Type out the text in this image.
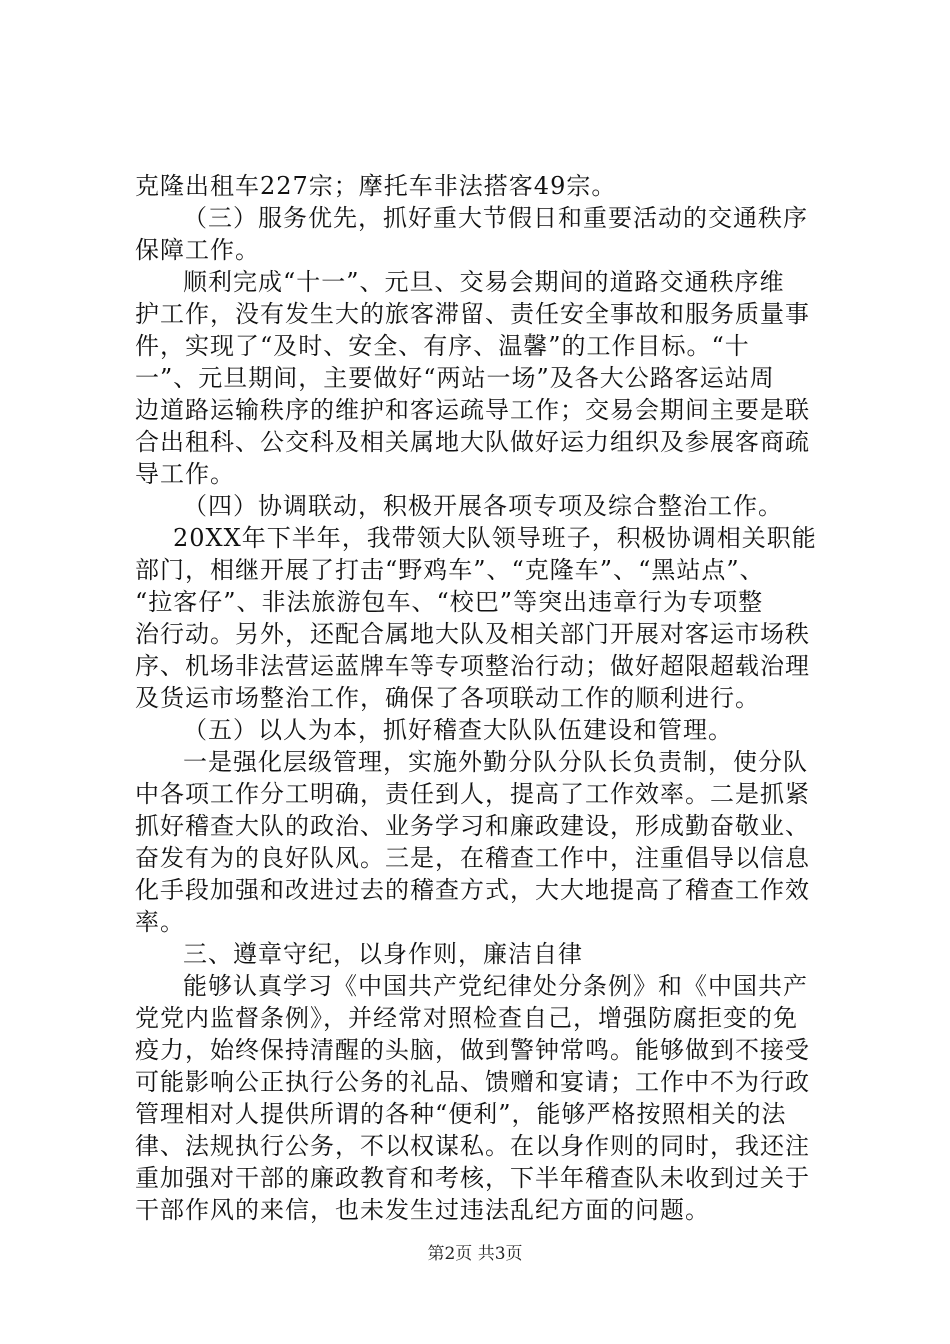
克隆出租车227宗；摩托车非法搭客49宗。
（三）服务优先，抓好重大节假日和重要活动的交通秩序
保障工作。
顺利完成“十一”、元旦、交易会期间的道路交通秩序维
护工作，没有发生大的旅客滞留、责任安全事故和服务质量事
件，实现了“及时、安全、有序、温馨”的工作目标。“十
一”、元旦期间，主要做好“两站一场”及各大公路客运站周
边道路运输秩序的维护和客运疏导工作；交易会期间主要是联
合出租科、公交科及相关属地大队做好运力组织及参展客商疏
导工作。
（四）协调联动，积极开展各项专项及综合整治工作。
20XX年下半年，我带领大队领导班子，积极协调相关职能
部门，相继开展了打击“野鸡车”、“克隆车”、“黑站点”、
“拉客仔”、非法旅游包车、“校巴”等突出违章行为专项整
治行动。另外，还配合属地大队及相关部门开展对客运市场秩
序、机场非法营运蓝牌车等专项整治行动；做好超限超载治理
及货运市场整治工作，确保了各项联动工作的顺利进行。
（五）以人为本，抓好稽查大队队伍建设和管理。
一是强化层级管理，实施外勤分队分队长负责制，使分队
中各项工作分工明确，责任到人，提高了工作效率。二是抓紧
抓好稽查大队的政治、业务学习和廉政建设，形成勤奋敬业、
奋发有为的良好队风。三是，在稽查工作中，注重倡导以信息
化手段加强和改进过去的稽查方式，大大地提高了稽查工作效
率。
三、遵章守纪，以身作则，廉洁自律
能够认真学习《中国共产党纪律处分条例》和《中国共产
党党内监督条例》，并经常对照检查自己，增强防腐拒变的免
疫力，始终保持清醒的头脑，做到警钟常鸣。能够做到不接受
可能影响公正执行公务的礼品、馈赠和宴请；工作中不为行政
管理相对人提供所谓的各种“便利”，能够严格按照相关的法
律、法规执行公务，不以权谋私。在以身作则的同时，我还注
重加强对干部的廉政教育和考核，下半年稽查队未收到过关于
干部作风的来信，也未发生过违法乱纪方面的问题。
第2页 共3页
